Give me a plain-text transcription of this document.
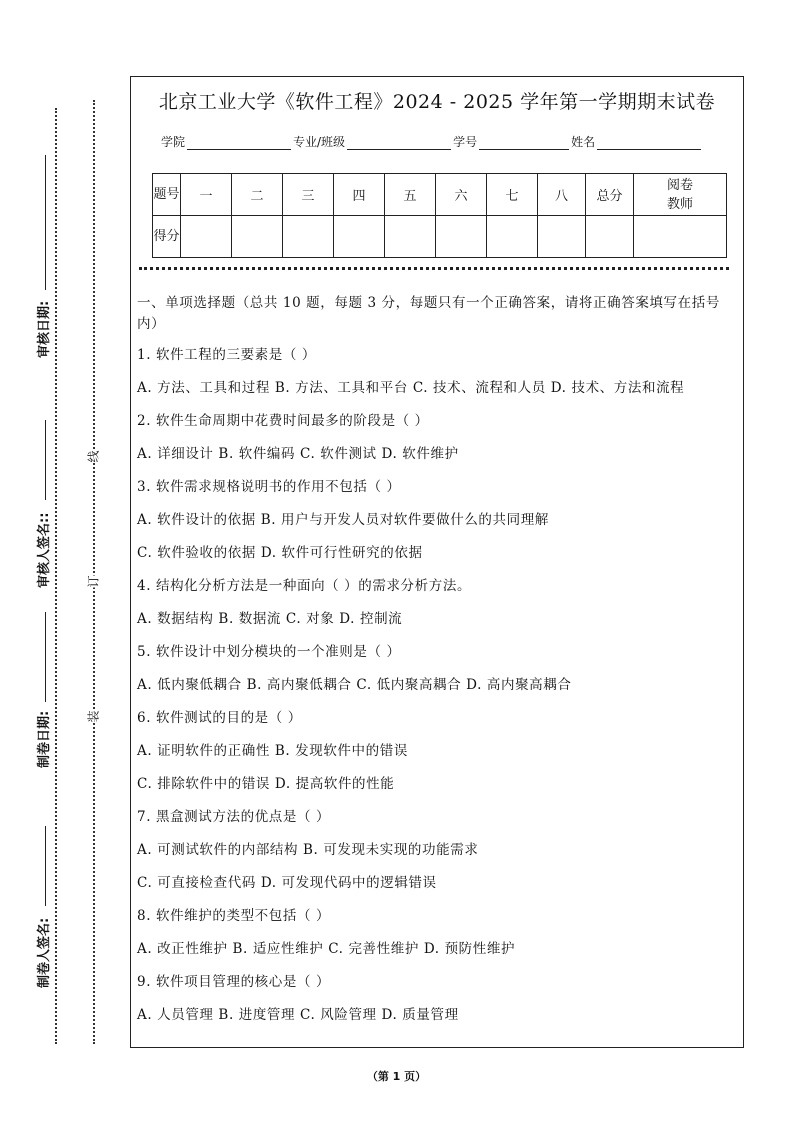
审核日期:
审核人签名::
制卷日期:
制卷人签名:
线
订
装
北京工业大学《软件工程》2024 - 2025 学年第一学期期末试卷
学院	专业/班级	学号	姓名
题号	一	二	三	四	五	六	七	八	总分	阅卷教师
得分										

一、单项选择题（总共 10 题，每题 3 分，每题只有一个正确答案，请将正确答案填写在括号内）

1. 软件工程的三要素是（ ）

A. 方法、工具和过程 B. 方法、工具和平台 C. 技术、流程和人员 D. 技术、方法和流程

2. 软件生命周期中花费时间最多的阶段是（ ）

A. 详细设计 B. 软件编码 C. 软件测试 D. 软件维护

3. 软件需求规格说明书的作用不包括（ ）

A. 软件设计的依据 B. 用户与开发人员对软件要做什么的共同理解

C. 软件验收的依据 D. 软件可行性研究的依据

4. 结构化分析方法是一种面向（ ）的需求分析方法。

A. 数据结构 B. 数据流 C. 对象 D. 控制流

5. 软件设计中划分模块的一个准则是（ ）

A. 低内聚低耦合 B. 高内聚低耦合 C. 低内聚高耦合 D. 高内聚高耦合

6. 软件测试的目的是（ ）

A. 证明软件的正确性 B. 发现软件中的错误

C. 排除软件中的错误 D. 提高软件的性能

7. 黑盒测试方法的优点是（ ）

A. 可测试软件的内部结构 B. 可发现未实现的功能需求

C. 可直接检查代码 D. 可发现代码中的逻辑错误

8. 软件维护的类型不包括（ ）

A. 改正性维护 B. 适应性维护 C. 完善性维护 D. 预防性维护

9. 软件项目管理的核心是（ ）

A. 人员管理 B. 进度管理 C. 风险管理 D. 质量管理

（第 1 页）
